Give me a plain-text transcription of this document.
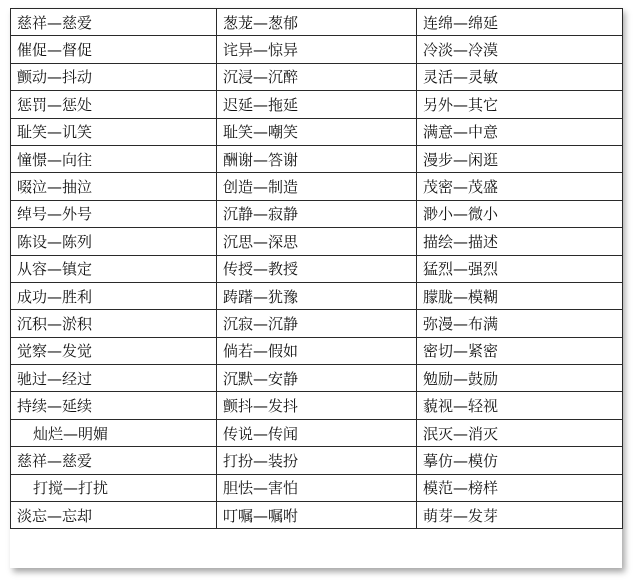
慈祥—慈爱	葱茏—葱郁	连绵—绵延
催促—督促	诧异—惊异	冷淡—冷漠
颤动—抖动	沉浸—沉醉	灵活—灵敏
惩罚—惩处	迟延—拖延	另外—其它
耻笑—讥笑	耻笑—嘲笑	满意—中意
憧憬—向往	酬谢—答谢	漫步—闲逛
啜泣—抽泣	创造—制造	茂密—茂盛
绰号—外号	沉静—寂静	渺小—微小
陈设—陈列	沉思—深思	描绘—描述
从容—镇定	传授—教授	猛烈—强烈
成功—胜利	踌躇—犹豫	朦胧—模糊
沉积—淤积	沉寂—沉静	弥漫—布满
觉察—发觉	倘若—假如	密切—紧密
驰过—经过	沉默—安静	勉励—鼓励
持续—延续	颤抖—发抖	藐视—轻视
灿烂—明媚	传说—传闻	泯灭—消灭
慈祥—慈爱	打扮—装扮	摹仿—模仿
打搅—打扰	胆怯—害怕	模范—榜样
淡忘—忘却	叮嘱—嘱咐	萌芽—发芽
